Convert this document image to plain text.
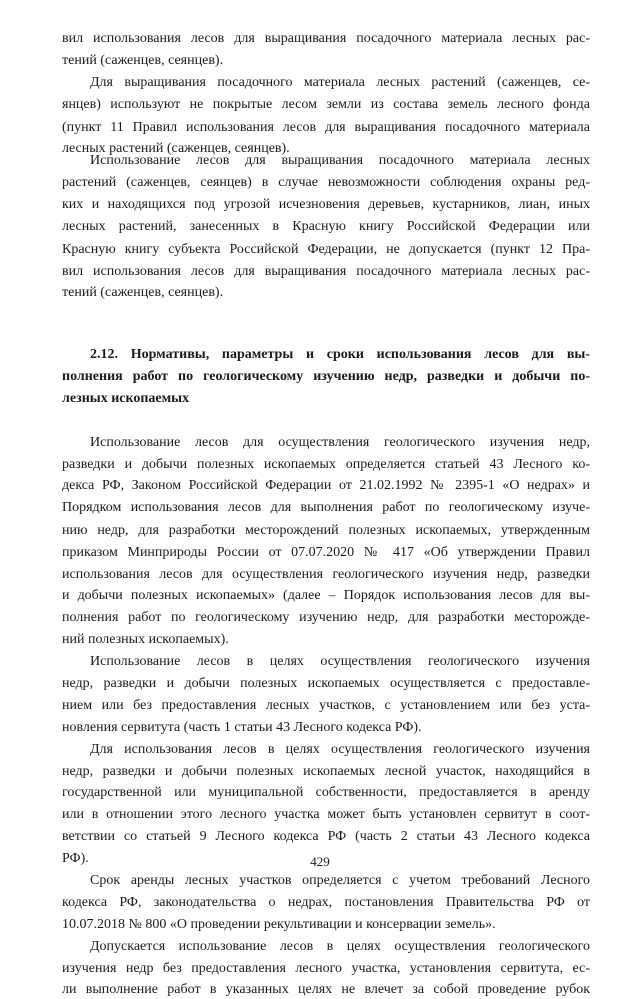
вил использования лесов для выращивания посадочного материала лесных рас-
тений (саженцев, сеянцев).
Для выращивания посадочного материала лесных растений (саженцев, се-
янцев) используют не покрытые лесом земли из состава земель лесного фонда
(пункт 11 Правил использования лесов для выращивания посадочного материала
лесных растений (саженцев, сеянцев).
Использование лесов для выращивания посадочного материала лесных
растений (саженцев, сеянцев) в случае невозможности соблюдения охраны ред-
ких и находящихся под угрозой исчезновения деревьев, кустарников, лиан, иных
лесных растений, занесенных в Красную книгу Российской Федерации или
Красную книгу субъекта Российской Федерации, не допускается (пункт 12 Пра-
вил использования лесов для выращивания посадочного материала лесных рас-
тений (саженцев, сеянцев).
2.12. Нормативы, параметры и сроки использования лесов для вы-
полнения работ по геологическому изучению недр, разведки и добычи по-
лезных ископаемых
Использование лесов для осуществления геологического изучения недр,
разведки и добычи полезных ископаемых определяется статьей 43 Лесного ко-
декса РФ, Законом Российской Федерации от 21.02.1992 № 2395-1 «О недрах» и
Порядком использования лесов для выполнения работ по геологическому изуче-
нию недр, для разработки месторождений полезных ископаемых, утвержденным
приказом Минприроды России от 07.07.2020 № 417 «Об утверждении Правил
использования лесов для осуществления геологического изучения недр, разведки
и добычи полезных ископаемых» (далее – Порядок использования лесов для вы-
полнения работ по геологическому изучению недр, для разработки месторожде-
ний полезных ископаемых).
Использование лесов в целях осуществления геологического изучения
недр, разведки и добычи полезных ископаемых осуществляется с предоставле-
нием или без предоставления лесных участков, с установлением или без уста-
новления сервитута (часть 1 статьи 43 Лесного кодекса РФ).
Для использования лесов в целях осуществления геологического изучения
недр, разведки и добычи полезных ископаемых лесной участок, находящийся в
государственной или муниципальной собственности, предоставляется в аренду
или в отношении этого лесного участка может быть установлен сервитут в соот-
ветствии со статьей 9 Лесного кодекса РФ (часть 2 статьи 43 Лесного кодекса
РФ).
Срок аренды лесных участков определяется с учетом требований Лесного
кодекса РФ, законодательства о недрах, постановления Правительства РФ от
10.07.2018 № 800 «О проведении рекультивации и консервации земель».
Допускается использование лесов в целях осуществления геологического
изучения недр без предоставления лесного участка, установления сервитута, ес-
ли выполнение работ в указанных целях не влечет за собой проведение рубок
429
